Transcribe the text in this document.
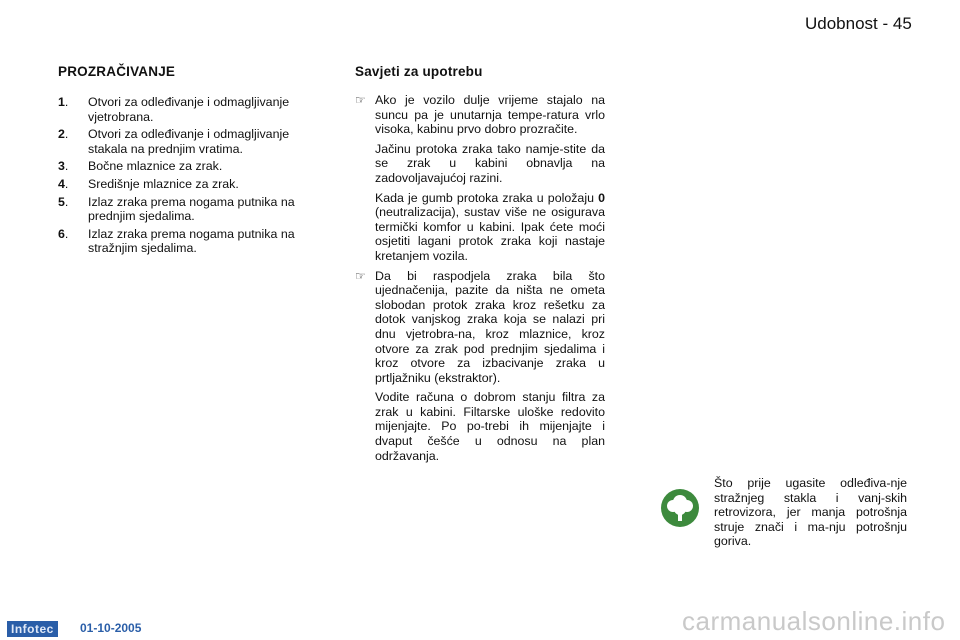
Udobnost - 45
PROZRAČIVANJE
1.	Otvori za odleđivanje i odmagljivanje vjetrobrana.
2.	Otvori za odleđivanje i odmagljivanje stakala na prednjim vratima.
3.	Bočne mlaznice za zrak.
4.	Središnje mlaznice za zrak.
5.	Izlaz zraka prema nogama putnika na prednjim sjedalima.
6.	Izlaz zraka prema nogama putnika na stražnjim sjedalima.
Savjeti za upotrebu
☞ Ako je vozilo dulje vrijeme stajalo na suncu pa je unutarnja tempe-ratura vrlo visoka, kabinu prvo dobro prozračite.
Jačinu protoka zraka tako namje-stite da se zrak u kabini obnavlja na zadovoljavajućoj razini.
Kada je gumb protoka zraka u položaju 0 (neutralizacija), sustav više ne osigurava termički komfor u kabini. Ipak ćete moći osjetiti lagani protok zraka koji nastaje kretanjem vozila.
☞ Da bi raspodjela zraka bila što ujednačenija, pazite da ništa ne ometa slobodan protok zraka kroz rešetku za dotok vanjskog zraka koja se nalazi pri dnu vjetrobra-na, kroz mlaznice, kroz otvore za zrak pod prednjim sjedalima i kroz otvore za izbacivanje zraka u prtljažniku (ekstraktor).
Vodite računa o dobrom stanju filtra za zrak u kabini. Filtarske uloške redovito mijenjajte. Po po-trebi ih mijenjajte i dvaput češće u odnosu na plan održavanja.
Što prije ugasite odleđiva-nje stražnjeg stakla i vanj-skih retrovizora, jer manja potrošnja struje znači i ma-nju potrošnju goriva.
Infotec	01-10-2005	carmanualsonline.info
